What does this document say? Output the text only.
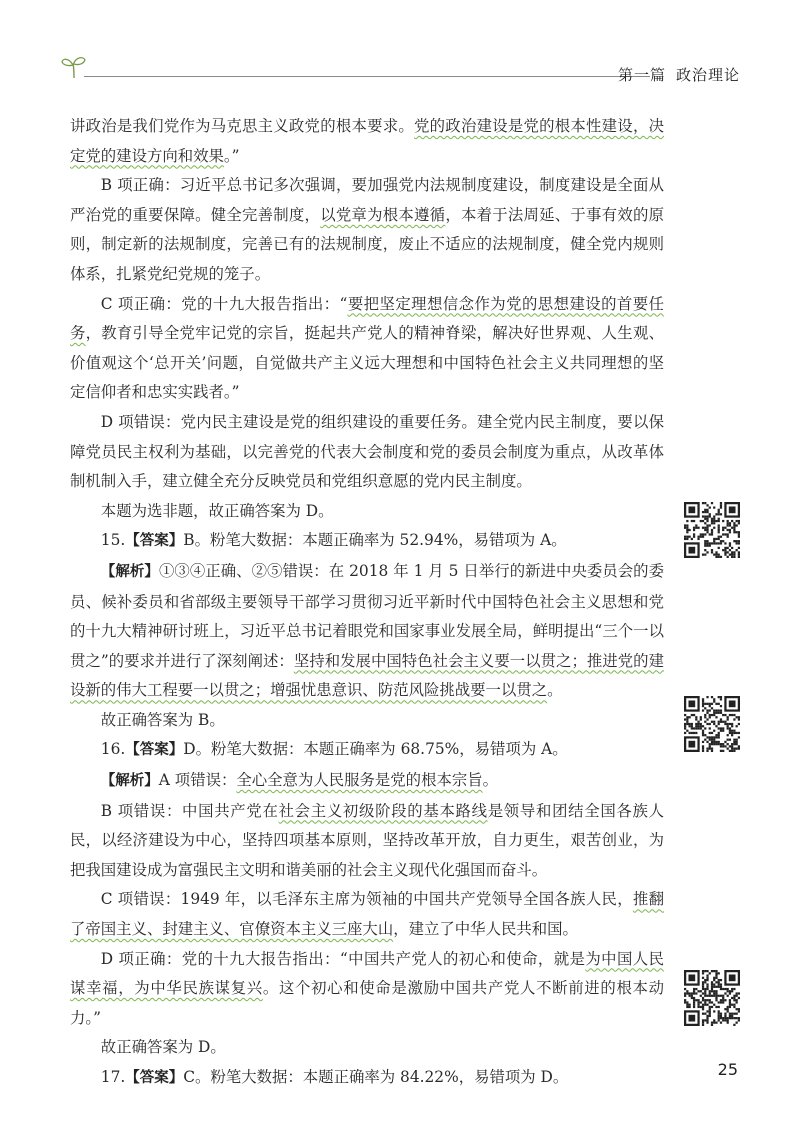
第一篇 政治理论

讲政治是我们党作为马克思主义政党的根本要求。党的政治建设是党的根本性建设，决定党的建设方向和效果。”

B 项正确：习近平总书记多次强调，要加强党内法规制度建设，制度建设是全面从严治党的重要保障。健全完善制度，以党章为根本遵循，本着于法周延、于事有效的原则，制定新的法规制度，完善已有的法规制度，废止不适应的法规制度，健全党内规则体系，扎紧党纪党规的笼子。

C 项正确：党的十九大报告指出：“要把坚定理想信念作为党的思想建设的首要任务，教育引导全党牢记党的宗旨，挺起共产党人的精神脊梁，解决好世界观、人生观、价值观这个‘总开关’问题，自觉做共产主义远大理想和中国特色社会主义共同理想的坚定信仰者和忠实实践者。”

D 项错误：党内民主建设是党的组织建设的重要任务。建全党内民主制度，要以保障党员民主权利为基础，以完善党的代表大会制度和党的委员会制度为重点，从改革体制机制入手，建立健全充分反映党员和党组织意愿的党内民主制度。

本题为选非题，故正确答案为 D。

15.【答案】B。粉笔大数据：本题正确率为 52.94%，易错项为 A。

【解析】①③④正确、②⑤错误：在 2018 年 1 月 5 日举行的新进中央委员会的委员、候补委员和省部级主要领导干部学习贯彻习近平新时代中国特色社会主义思想和党的十九大精神研讨班上，习近平总书记着眼党和国家事业发展全局，鲜明提出“三个一以贯之”的要求并进行了深刻阐述：坚持和发展中国特色社会主义要一以贯之；推进党的建设新的伟大工程要一以贯之；增强忧患意识、防范风险挑战要一以贯之。

故正确答案为 B。

16.【答案】D。粉笔大数据：本题正确率为 68.75%，易错项为 A。

【解析】A 项错误：全心全意为人民服务是党的根本宗旨。

B 项错误：中国共产党在社会主义初级阶段的基本路线是领导和团结全国各族人民，以经济建设为中心，坚持四项基本原则，坚持改革开放，自力更生，艰苦创业，为把我国建设成为富强民主文明和谐美丽的社会主义现代化强国而奋斗。

C 项错误：1949 年，以毛泽东主席为领袖的中国共产党领导全国各族人民，推翻了帝国主义、封建主义、官僚资本主义三座大山，建立了中华人民共和国。

D 项正确：党的十九大报告指出：“中国共产党人的初心和使命，就是为中国人民谋幸福，为中华民族谋复兴。这个初心和使命是激励中国共产党人不断前进的根本动力。”

故正确答案为 D。

17.【答案】C。粉笔大数据：本题正确率为 84.22%，易错项为 D。	25
